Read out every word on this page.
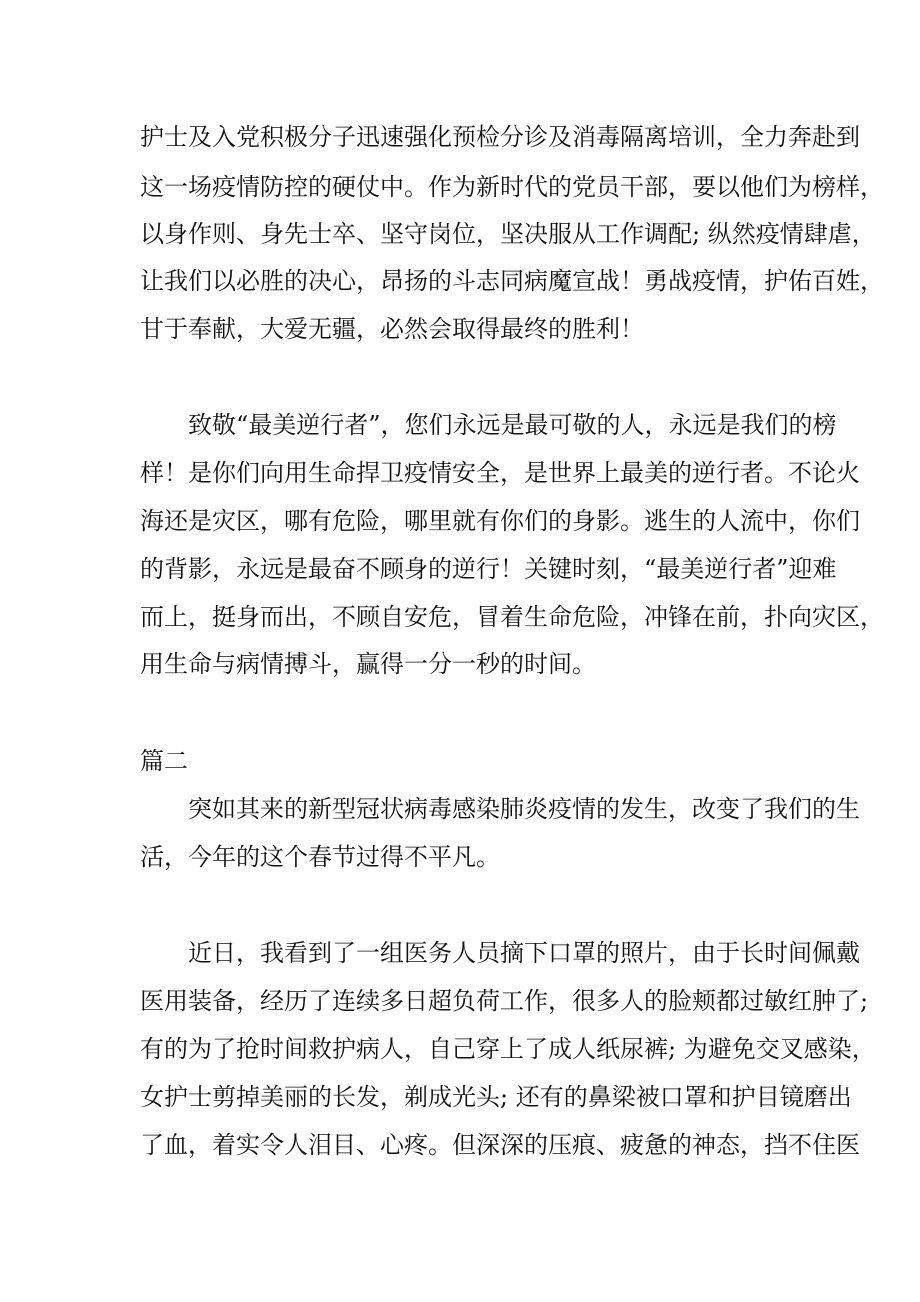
护士及入党积极分子迅速强化预检分诊及消毒隔离培训，全力奔赴到
这一场疫情防控的硬仗中。作为新时代的党员干部，要以他们为榜样，
以身作则、身先士卒、坚守岗位，坚决服从工作调配; 纵然疫情肆虐，
让我们以必胜的决心，昂扬的斗志同病魔宣战！勇战疫情，护佑百姓，
甘于奉献，大爱无疆，必然会取得最终的胜利！
致敬“最美逆行者”，您们永远是最可敬的人，永远是我们的榜
样！是你们向用生命捍卫疫情安全，是世界上最美的逆行者。不论火
海还是灾区，哪有危险，哪里就有你们的身影。逃生的人流中，你们
的背影，永远是最奋不顾身的逆行！关键时刻，“最美逆行者”迎难
而上，挺身而出，不顾自安危，冒着生命危险，冲锋在前，扑向灾区，
用生命与病情搏斗，赢得一分一秒的时间。
篇二
突如其来的新型冠状病毒感染肺炎疫情的发生，改变了我们的生
活，今年的这个春节过得不平凡。
近日，我看到了一组医务人员摘下口罩的照片，由于长时间佩戴
医用装备，经历了连续多日超负荷工作，很多人的脸颊都过敏红肿了;
有的为了抢时间救护病人，自己穿上了成人纸尿裤; 为避免交叉感染，
女护士剪掉美丽的长发，剃成光头; 还有的鼻梁被口罩和护目镜磨出
了血，着实令人泪目、心疼。但深深的压痕、疲惫的神态，挡不住医
